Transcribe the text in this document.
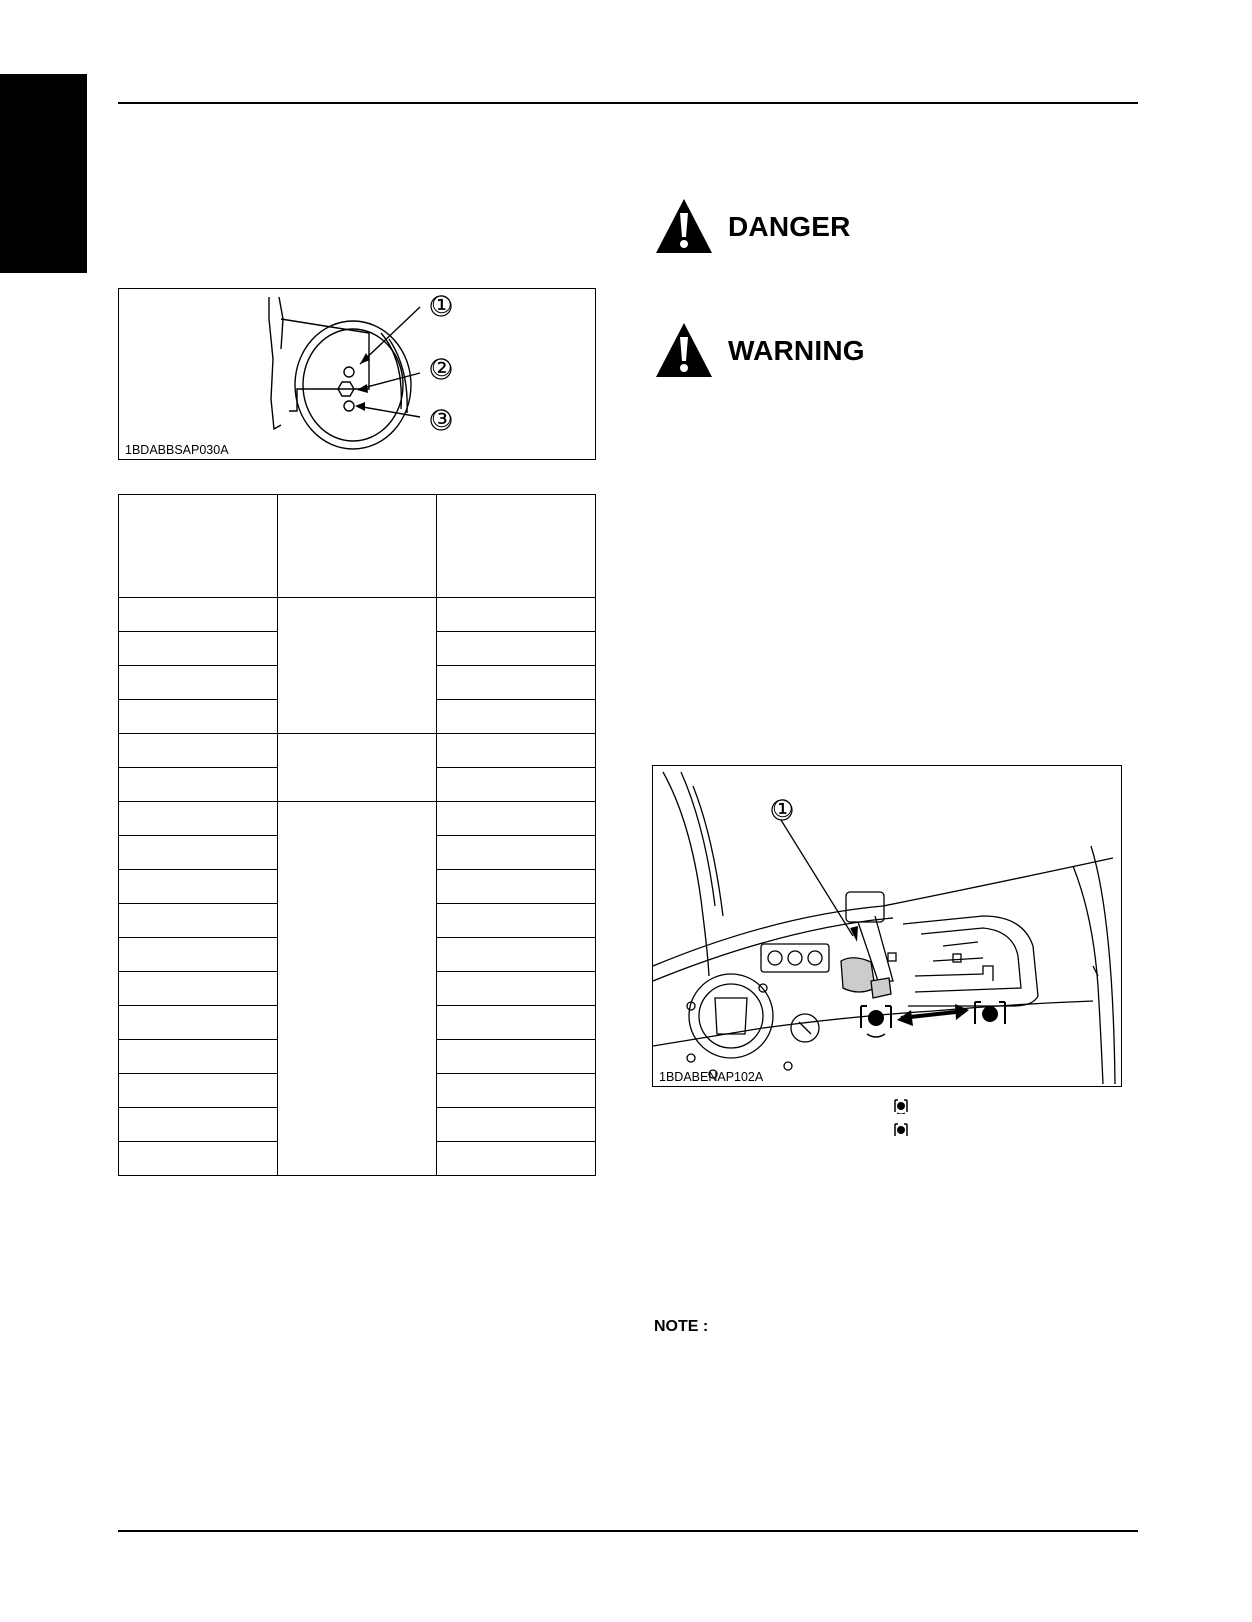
①
②
③
1BDABBSAP030A

DANGER
WARNING
①
1BDABENAP102A
NOTE :
